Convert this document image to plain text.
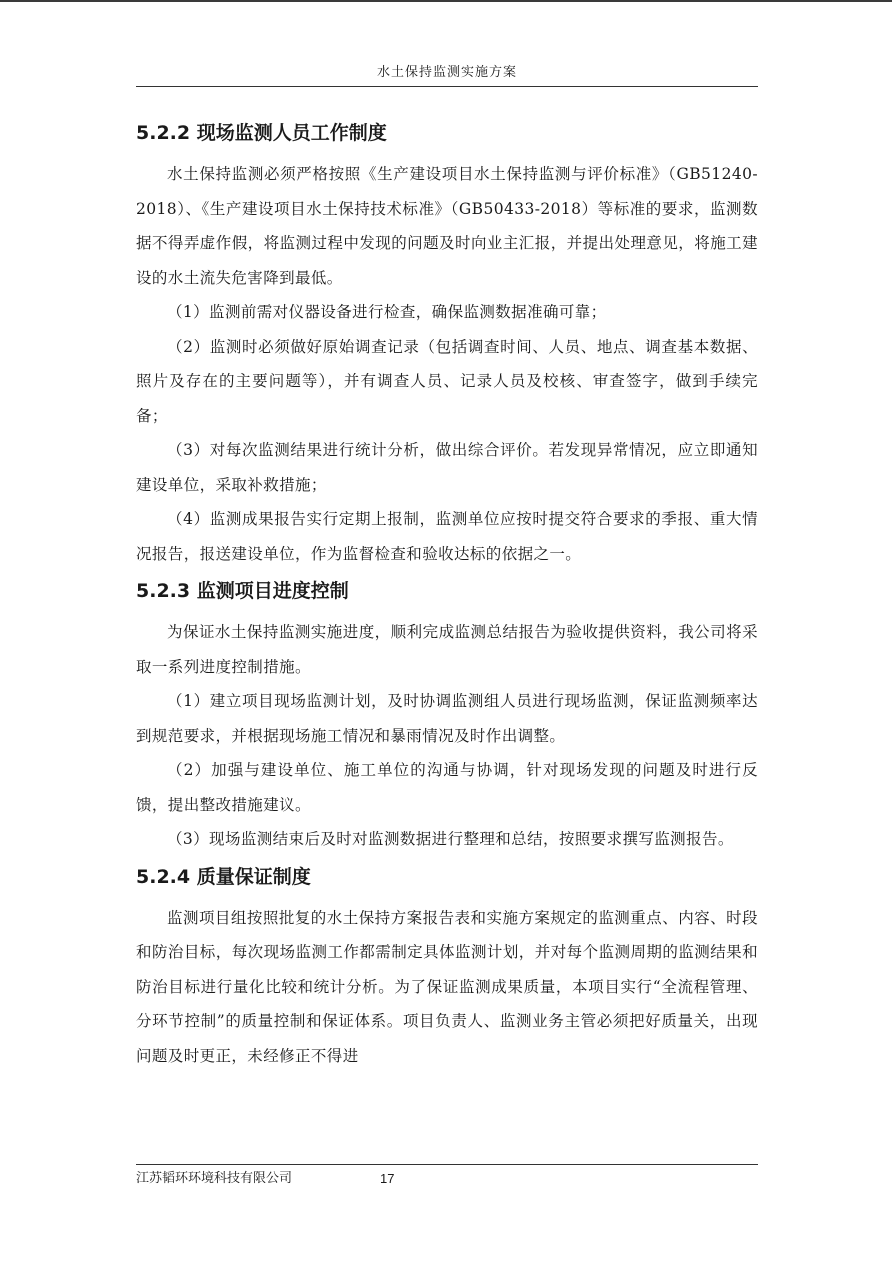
水土保持监测实施方案
5.2.2 现场监测人员工作制度

水土保持监测必须严格按照《生产建设项目水土保持监测与评价标准》（GB51240-2018）、《生产建设项目水土保持技术标准》（GB50433-2018）等标准的要求，监测数据不得弄虚作假，将监测过程中发现的问题及时向业主汇报，并提出处理意见，将施工建设的水土流失危害降到最低。

（1）监测前需对仪器设备进行检查，确保监测数据准确可靠；

（2）监测时必须做好原始调查记录（包括调查时间、人员、地点、调查基本数据、照片及存在的主要问题等），并有调查人员、记录人员及校核、审查签字，做到手续完备；

（3）对每次监测结果进行统计分析，做出综合评价。若发现异常情况，应立即通知建设单位，采取补救措施；

（4）监测成果报告实行定期上报制，监测单位应按时提交符合要求的季报、重大情况报告，报送建设单位，作为监督检查和验收达标的依据之一。

5.2.3 监测项目进度控制

为保证水土保持监测实施进度，顺利完成监测总结报告为验收提供资料，我公司将采取一系列进度控制措施。

（1）建立项目现场监测计划，及时协调监测组人员进行现场监测，保证监测频率达到规范要求，并根据现场施工情况和暴雨情况及时作出调整。

（2）加强与建设单位、施工单位的沟通与协调，针对现场发现的问题及时进行反馈，提出整改措施建议。

（3）现场监测结束后及时对监测数据进行整理和总结，按照要求撰写监测报告。

5.2.4 质量保证制度

监测项目组按照批复的水土保持方案报告表和实施方案规定的监测重点、内容、时段和防治目标，每次现场监测工作都需制定具体监测计划，并对每个监测周期的监测结果和防治目标进行量化比较和统计分析。为了保证监测成果质量，本项目实行“全流程管理、分环节控制”的质量控制和保证体系。项目负责人、监测业务主管必须把好质量关，出现问题及时更正，未经修正不得进

江苏韬环环境科技有限公司	17
